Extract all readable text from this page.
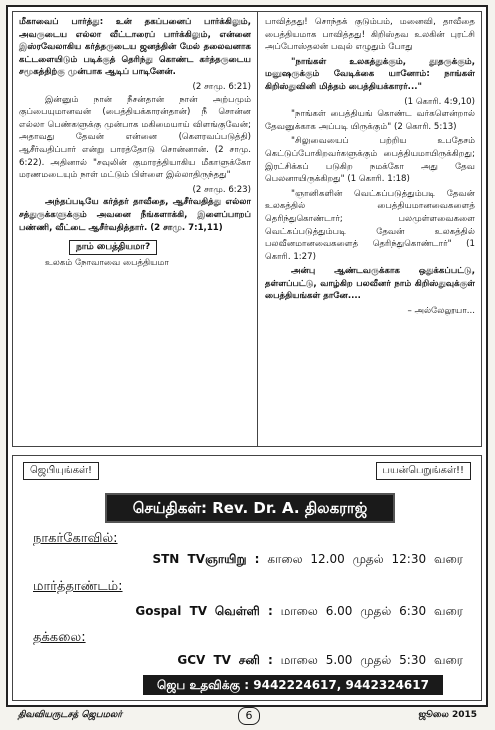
மீகாவைப் பார்த்து: உன் தகப்பனைப் பார்க்கிலும், அவருடைய எல்லா வீட்டாரைப் பார்க்கிலும், என்னை இஸ்ரவேலாகிய கர்த்தருடைய ஜனத்தின் மேல் தலைவனாக கட்டளையிடும் படிக்குத் தெரிந்து கொண்ட கர்த்தருடைய சமூகத்திற்கு முன்பாக ஆடிப் பாடினேன்.

(2 சாமு. 6:21)

இன்னும் நான் நீசன்தான் நான் அற்பமும் குப்பையுமானவன் (பைத்தியக்காரன்தான்) நீ சொன்ன எல்லா பெண்களுக்கு முன்பாக மகிமையாய் விளங்குவேன்; அதாவது தேவன் என்னை (கௌரவப்படுத்தி) ஆசீர்வதிப்பார் என்று பாரத்தோடு சொன்னான். (2 சாமு. 6:22). அதினால் "சவுலின் குமாரத்தியாகிய மீகாளுக்கோ மரணமடையும் நாள் மட்டும் பிள்ளை இல்லாதிருந்தது"

(2 சாமு. 6:23)

அந்தப்படியே கர்த்தர் தாவீதை, ஆசீர்வதித்து எல்லா சத்துருக்களுக்கும் அவனை நீங்களாக்கி, இளைப்பாறப் பண்ணி, வீட்டை ஆசீர்வதித்தார். (2 சாமு. 7:1,11)

நாம் பைத்தியமா?

உலகம் நோவாவை பைத்தியமா

பாவித்தது! சொந்தக் குடும்பம், மனைவி, தாவீதை பைத்தியமாக பாவித்தது! கிறிஸ்தவ உலகின் புரட்சி அப்போஸ்தலன் பவுல் எழுதும் போது

"நாங்கள் உலகத்துக்கும், தூதருக்கும், மனுஷருக்கும் வேடிக்கை யானோம்: நாங்கள் கிறிஸ்துவினி மித்தம் பைத்தியக்காரர்..."

(1 கொரி. 4:9,10)

"நாங்கள் பைத்தியங் கொண்ட வர்களென்றால் தேவனுக்காக அப்படி யிருக்கும்" (2 கொரி. 5:13)

"சிலுவையைப் பற்றிய உபதேசம் கெட்டுப்போகிறவர்களுக்கும் பைத்தியமாயிருக்கிறது; இரட்சிக்கப் படுகிற நமக்கோ அது தேவ பெலனாயிருக்கிறது" (1 கொரி. 1:18)

"ஞானிகளின் வெட்கப்படுத்தும்படி தேவன் உலகத்தில் பைத்தியமானவைகளைத் தெரிந்துகொண்டார்; பலமுள்ளவைகளை வெட்கப்படுத்தும்படி தேவன் உலகத்தில் பலவீனமானவைகளைத் தெரிந்துகொண்டார்" (1 கொரி. 1:27)

அன்பு ஆண்டவருக்காக ஒதுக்கப்பட்டு, தள்ளப்பட்டு, வாழ்கிற பலவீனர் நாம் கிறிஸ்துவுக்குள் பைத்தியங்கள் தானே....

– அல்லேலூயா...
ஜெபியுங்கள்!	பயன்பெறுங்கள்!!
செய்திகள்: Rev. Dr. A. திலகராஜ்
நாகர்கோவில்:
STN TVஞாயிறு : காலை 12.00 முதல் 12:30 வரை
மார்த்தாண்டம்:
Gospal TV வெள்ளி : மாலை 6.00 முதல் 6:30 வரை
தக்கலை:
GCV TV சனி : மாலை 5.00 முதல் 5:30 வரை
ஜெப உதவிக்கு : 9442224617, 9442324617
திவவியருடசத் ஜெபமலர்	6	ஜூலை 2015
